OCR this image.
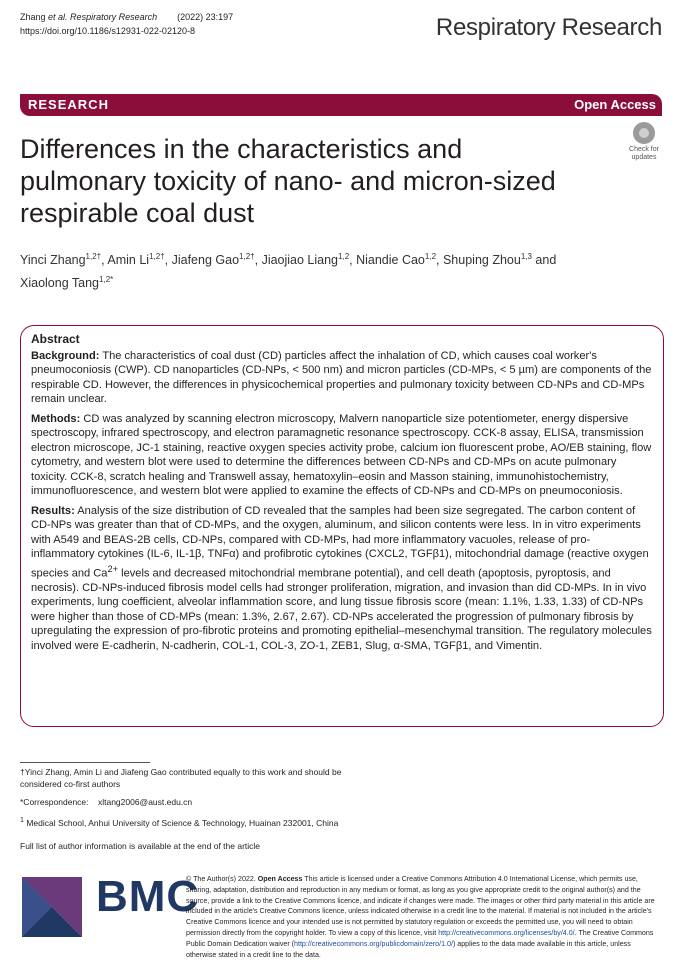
Zhang et al. Respiratory Research (2022) 23:197
https://doi.org/10.1186/s12931-022-02120-8	Respiratory Research
RESEARCH	Open Access
Check for
updates
Differences in the characteristics and
pulmonary toxicity of nano- and micron-sized
respirable coal dust
Yinci Zhang$^{1,2\dagger}$, Amin $Li^{1,2\dagger}$, Jiafeng Gao$^{1,2\dagger}$, Jiaojiao Liang$^{1,2}$, Niandie Cao$^{1,2}$, Shuping Zhou$^{1,3}$ and
Xiaolong Tang$^{1,2*}$
Abstract

Background: The characteristics of coal dust (CD) particles affect the inhalation of CD, which causes coal worker's pneumoconiosis (CWP). CD nanoparticles (CD-NPs, < 500 nm) and micron particles (CD-MPs, < 5 µm) are components of the respirable CD. However, the differences in physicochemical properties and pulmonary toxicity between CD-NPs and CD-MPs remain unclear.

Methods: CD was analyzed by scanning electron microscopy, Malvern nanoparticle size potentiometer, energy dispersive spectroscopy, infrared spectroscopy, and electron paramagnetic resonance spectroscopy. CCK-8 assay, ELISA, transmission electron microscope, JC-1 staining, reactive oxygen species activity probe, calcium ion fluorescent probe, AO/EB staining, flow cytometry, and western blot were used to determine the differences between CD-NPs and CD-MPs on acute pulmonary toxicity. CCK-8, scratch healing and Transwell assay, hematoxylin–eosin and Masson staining, immunohistochemistry, immunofluorescence, and western blot were applied to examine the effects of CD-NPs and CD-MPs on pneumoconiosis.

Results: Analysis of the size distribution of CD revealed that the samples had been size segregated. The carbon content of CD-NPs was greater than that of CD-MPs, and the oxygen, aluminum, and silicon contents were less. In in vitro experiments with A549 and BEAS-2B cells, CD-NPs, compared with CD-MPs, had more inflammatory vacuoles, release of pro-inflammatory cytokines (IL-6, IL-1β, TNFα) and profibrotic cytokines (CXCL2, TGFβ1), mitochondrial damage (reactive oxygen species and $Ca^{2+}$ levels and decreased mitochondrial membrane potential), and cell death (apoptosis, pyroptosis, and necrosis). CD-NPs-induced fibrosis model cells had stronger proliferation, migration, and invasion than did CD-MPs. In in vivo experiments, lung coefficient, alveolar inflammation score, and lung tissue fibrosis score (mean: 1.1%, 1.33, 1.33) of CD-NPs were higher than those of CD-MPs (mean: 1.3%, 2.67, 2.67). CD-NPs accelerated the progression of pulmonary fibrosis by upregulating the expression of pro-fibrotic proteins and promoting epithelial–mesenchymal transition. The regulatory molecules involved were E-cadherin, N-cadherin, COL-1, COL-3, ZO-1, ZEB1, Slug, α-SMA, TGFβ1, and Vimentin.

†Yinci Zhang, Amin Li and Jiafeng Gao contributed equally to this work and should be considered co-first authors
*Correspondence: xltang2006@aust.edu.cn
$^1$ Medical School, Anhui University of Science & Technology, Huainan 232001, China
Full list of author information is available at the end of the article
BMC
© The Author(s) 2022. Open Access This article is licensed under a Creative Commons Attribution 4.0 International License, which permits use, sharing, adaptation, distribution and reproduction in any medium or format, as long as you give appropriate credit to the original author(s) and the source, provide a link to the Creative Commons licence, and indicate if changes were made. The images or other third party material in this article are included in the article's Creative Commons licence, unless indicated otherwise in a credit line to the material. If material is not included in the article's Creative Commons licence and your intended use is not permitted by statutory regulation or exceeds the permitted use, you will need to obtain permission directly from the copyright holder. To view a copy of this licence, visit http://creativecommons.org/licenses/by/4.0/. The Creative Commons Public Domain Dedication waiver (http://creativecommons.org/publicdomain/zero/1.0/) applies to the data made available in this article, unless otherwise stated in a credit line to the data.
